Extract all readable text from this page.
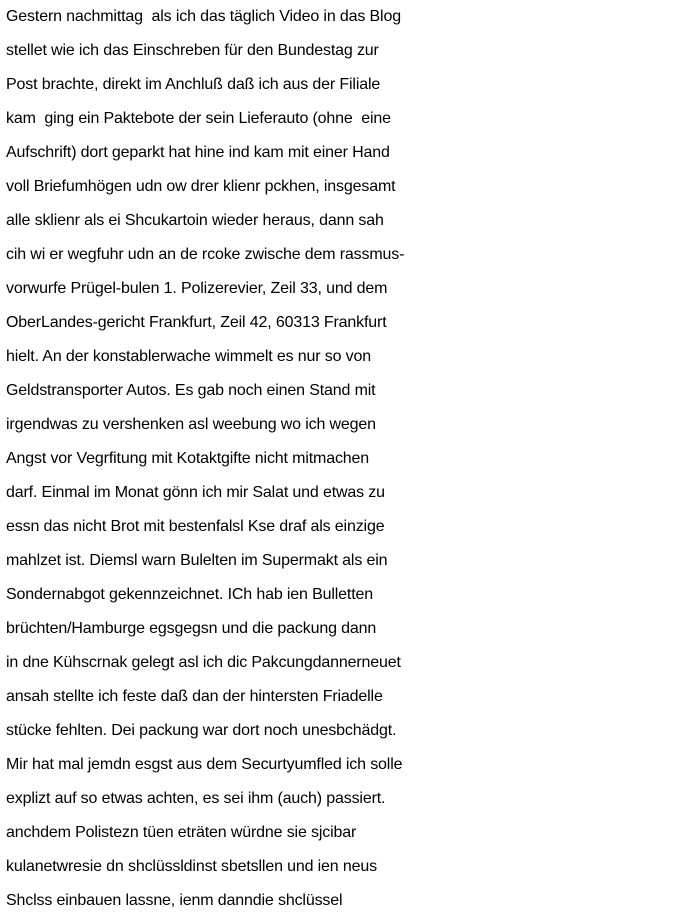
Gestern nachmittag  als ich das täglich Video in das Blog
stellet wie ich das Einschreben für den Bundestag zur
Post brachte, direkt im Anchluß daß ich aus der Filiale
kam  ging ein Paktebote der sein Lieferauto (ohne  eine
Aufschrift) dort geparkt hat hine ind kam mit einer Hand
voll Briefumhögen udn ow drer klienr pckhen, insgesamt
alle sklienr als ei Shcukartoin wieder heraus, dann sah
cih wi er wegfuhr udn an de rcoke zwische dem rassmus-
vorwurfe Prügel-bulen 1. Polizerevier, Zeil 33, und dem
OberLandes-gericht Frankfurt, Zeil 42, 60313 Frankfurt
hielt. An der konstablerwache wimmelt es nur so von
Geldstransporter Autos. Es gab noch einen Stand mit
irgendwas zu vershenken asl weebung wo ich wegen
Angst vor Vegrfitung mit Kotaktgifte nicht mitmachen
darf. Einmal im Monat gönn ich mir Salat und etwas zu
essn das nicht Brot mit bestenfalsl Kse draf als einzige
mahlzet ist. Diemsl warn Bulelten im Supermakt als ein
Sondernabgot gekennzeichnet. ICh hab ien Bulletten
brüchten/Hamburge egsgegsn und die packung dann
in dne Kühscrnak gelegt asl ich dic Pakcungdannerneuet
ansah stellte ich feste daß dan der hintersten Friadelle
stücke fehlten. Dei packung war dort noch unesbchädgt.
Mir hat mal jemdn esgst aus dem Securtyumfled ich solle
explizt auf so etwas achten, es sei ihm (auch) passiert.
anchdem Polistezn tüen eträten würdne sie sjcibar
kulanetwresie dn shclüssldinst sbetsllen und ien neus
Shclss einbauen lassne, ienm danndie shclüssel
